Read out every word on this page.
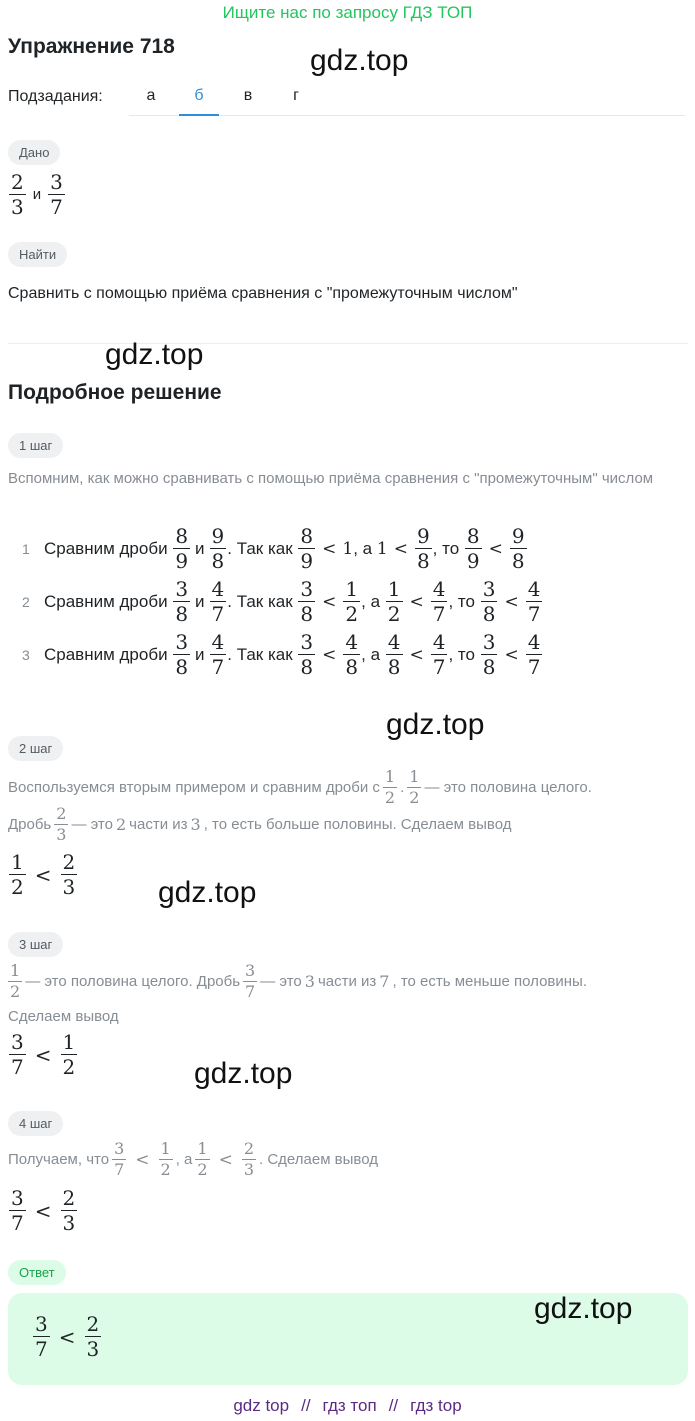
Ищите нас по запросу ГДЗ ТОП
Упражнение 718	gdz.top
Подзадания:	а	б	в	г
Дано
$\frac{2}{3}$ и $\frac{3}{7}$
Найти
Сравнить с помощью приёма сравнения с "промежуточным числом"
gdz.top
Подробное решение
1 шаг
Вспомним, как можно сравнивать с помощью приёма сравнения с "промежуточным" числом
1 Сравним дроби
$\frac{8}{9}$ и $\frac{9}{8}$ . Так как
$\frac{8}{9} < 1$ , а
$1 < \frac{9}{8}$ , то
$\frac{8}{9} < \frac{9}{8}$
2 Сравним дроби
$\frac{3}{8}$ и $\frac{4}{7}$ . Так как
$\frac{3}{8} < \frac{1}{2}$ , а
$\frac{1}{2} < \frac{4}{7}$ , то
$\frac{3}{8} < \frac{4}{7}$
3 Сравним дроби
$\frac{3}{8}$ и $\frac{4}{7}$ . Так как
$\frac{3}{8} < \frac{4}{8}$ , а
$\frac{4}{8} < \frac{4}{7}$ , то
$\frac{3}{8} < \frac{4}{7}$
gdz.top
2 шаг
Воспользуемся вторым примером и сравним дроби с $\frac{1}{2}$ . $\frac{1}{2}$ — это половина целого.
Дробь $\frac{2}{3}$ — это 2 части из 3 , то есть больше половины. Сделаем вывод
$\frac{1}{2} < \frac{2}{3}$	gdz.top
3 шаг
$\frac{1}{2}$ — это половина целого. Дробь $\frac{3}{7}$ — это 3 части из 7 , то есть меньше половины.
Сделаем вывод
$\frac{3}{7} < \frac{1}{2}$	gdz.top
4 шаг
Получаем, что $\frac{3}{7} < \frac{1}{2}$ , а $\frac{1}{2} < \frac{2}{3}$ . Сделаем вывод
$\frac{3}{7} < \frac{2}{3}$
Ответ
$\frac{3}{7} < \frac{2}{3}$
gdz.top
gdz top // гдз топ // гдз top
